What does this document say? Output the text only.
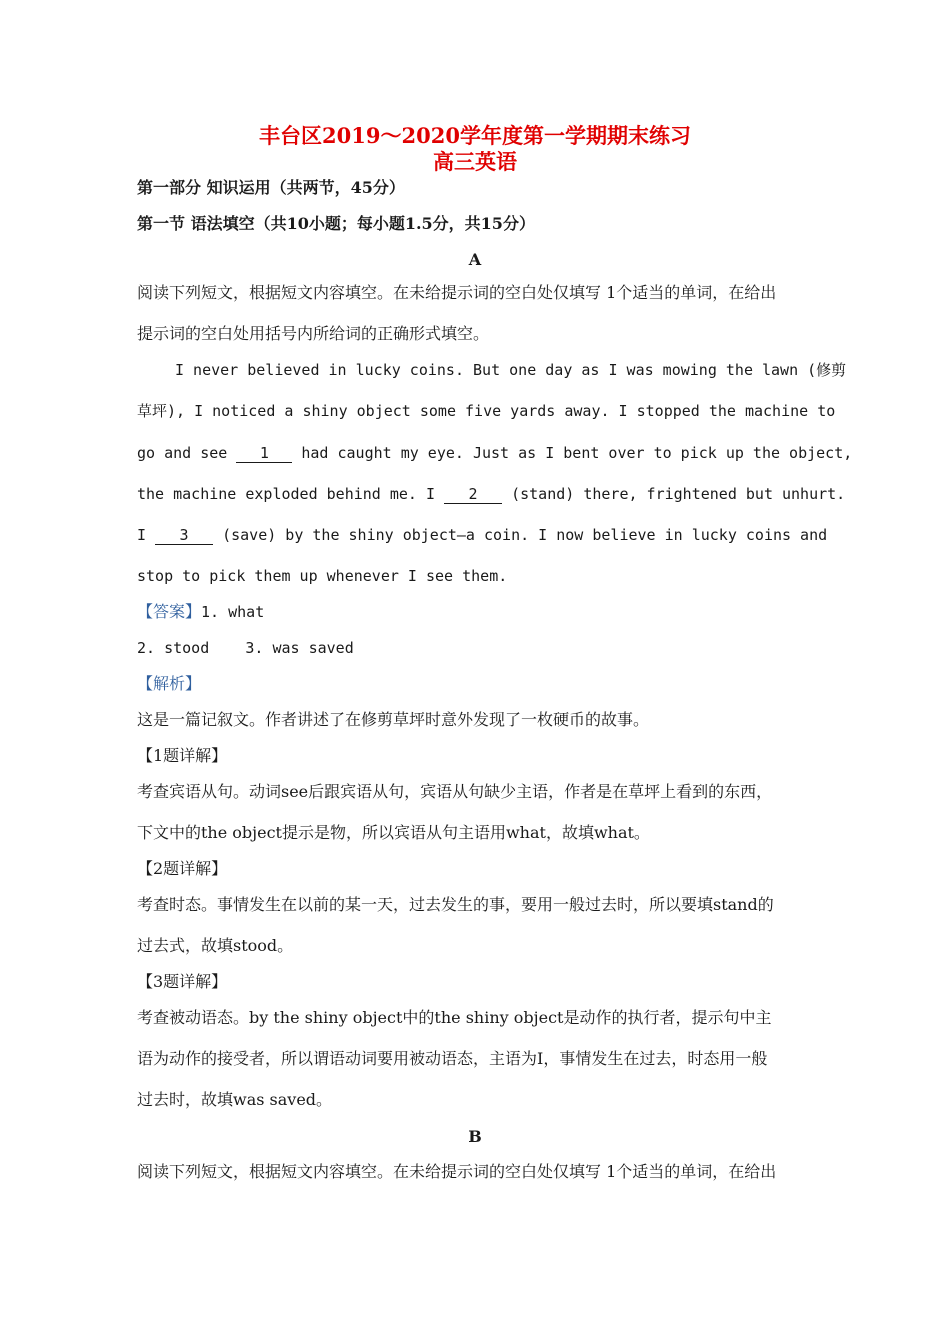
丰台区2019～2020学年度第一学期期末练习
高三英语
第一部分 知识运用（共两节，45分）
第一节 语法填空（共10小题；每小题1.5分，共15分）
A
阅读下列短文，根据短文内容填空。在未给提示词的空白处仅填写 1个适当的单词，在给出
提示词的空白处用括号内所给词的正确形式填空。
I never believed in lucky coins. But one day as I was mowing the lawn (修剪
草坪), I noticed a shiny object some five yards away. I stopped the machine to
go and see 1 had caught my eye. Just as I bent over to pick up the object,
the machine exploded behind me. I 2 (stand) there, frightened but unhurt.
I 3 (save) by the shiny object—a coin. I now believe in lucky coins and
stop to pick them up whenever I see them.
【答案】1. what
2. stood    3. was saved
【解析】
这是一篇记叙文。作者讲述了在修剪草坪时意外发现了一枚硬币的故事。
【1题详解】
考查宾语从句。动词see后跟宾语从句，宾语从句缺少主语，作者是在草坪上看到的东西，
下文中的the object提示是物，所以宾语从句主语用what，故填what。
【2题详解】
考查时态。事情发生在以前的某一天，过去发生的事，要用一般过去时，所以要填stand的
过去式，故填stood。
【3题详解】
考查被动语态。by the shiny object中的the shiny object是动作的执行者，提示句中主
语为动作的接受者，所以谓语动词要用被动语态，主语为I，事情发生在过去，时态用一般
过去时，故填was saved。
B
阅读下列短文，根据短文内容填空。在未给提示词的空白处仅填写 1个适当的单词，在给出
